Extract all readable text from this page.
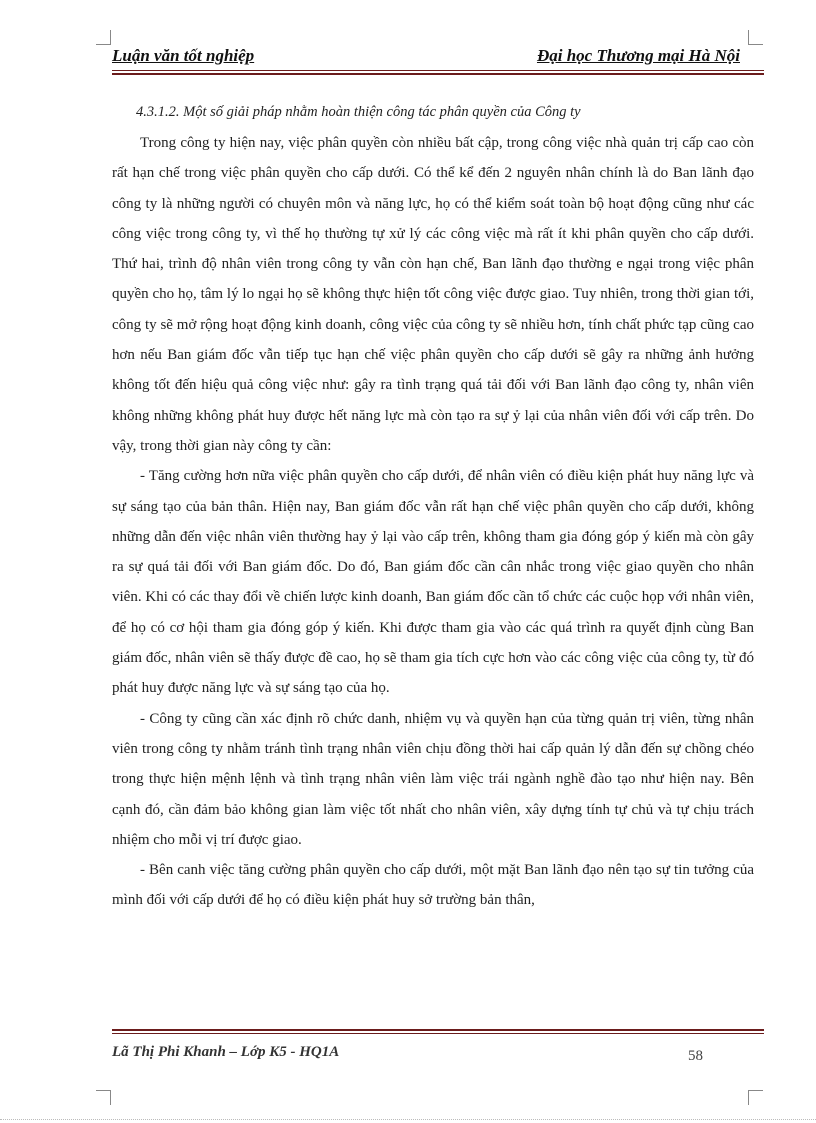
Luận văn tốt nghiệp	Đại học Thương mại Hà Nội

4.3.1.2. Một số giải pháp nhằm hoàn thiện công tác phân quyền của Công ty

Trong công ty hiện nay, việc phân quyền còn nhiều bất cập, trong công việc nhà quản trị cấp cao còn rất hạn chế trong việc phân quyền cho cấp dưới. Có thể kể đến 2 nguyên nhân chính là do Ban lãnh đạo công ty là những người có chuyên môn và năng lực, họ có thể kiểm soát toàn bộ hoạt động cũng như các công việc trong công ty, vì thế họ thường tự xử lý các công việc mà rất ít khi phân quyền cho cấp dưới. Thứ hai, trình độ nhân viên trong công ty vẫn còn hạn chế, Ban lãnh đạo thường e ngại trong việc phân quyền cho họ, tâm lý lo ngại họ sẽ không thực hiện tốt công việc được giao. Tuy nhiên, trong thời gian tới, công ty sẽ mở rộng hoạt động kinh doanh, công việc của công ty sẽ nhiều hơn, tính chất phức tạp cũng cao hơn nếu Ban giám đốc vẫn tiếp tục hạn chế việc phân quyền cho cấp dưới sẽ gây ra những ảnh hưởng không tốt đến hiệu quả công việc như: gây ra tình trạng quá tải đối với Ban lãnh đạo công ty, nhân viên không những không phát huy được hết năng lực mà còn tạo ra sự ỷ lại của nhân viên đối với cấp trên. Do vậy, trong thời gian này công ty cần:

- Tăng cường hơn nữa việc phân quyền cho cấp dưới, để nhân viên có điều kiện phát huy năng lực và sự sáng tạo của bản thân. Hiện nay, Ban giám đốc vẫn rất hạn chế việc phân quyền cho cấp dưới, không những dẫn đến việc nhân viên thường hay ỷ lại vào cấp trên, không tham gia đóng góp ý kiến mà còn gây ra sự quá tải đối với Ban giám đốc. Do đó, Ban giám đốc cần cân nhắc trong việc giao quyền cho nhân viên. Khi có các thay đổi về chiến lược kinh doanh, Ban giám đốc cần tổ chức các cuộc họp với nhân viên, để họ có cơ hội tham gia đóng góp ý kiến. Khi được tham gia vào các quá trình ra quyết định cùng Ban giám đốc, nhân viên sẽ thấy được đề cao, họ sẽ tham gia tích cực hơn vào các công việc của công ty, từ đó phát huy được năng lực và sự sáng tạo của họ.

- Công ty cũng cần xác định rõ chức danh, nhiệm vụ và quyền hạn của từng quản trị viên, từng nhân viên trong công ty nhằm tránh tình trạng nhân viên chịu đồng thời hai cấp quản lý dẫn đến sự chồng chéo trong thực hiện mệnh lệnh và tình trạng nhân viên làm việc trái ngành nghề đào tạo như hiện nay. Bên cạnh đó, cần đảm bảo không gian làm việc tốt nhất cho nhân viên, xây dựng tính tự chủ và tự chịu trách nhiệm cho mỗi vị trí được giao.

- Bên canh việc tăng cường phân quyền cho cấp dưới, một mặt Ban lãnh đạo nên tạo sự tin tưởng của mình đối với cấp dưới để họ có điều kiện phát huy sở trường bản thân,

Lã Thị Phi Khanh – Lớp K5 - HQ1A	58
